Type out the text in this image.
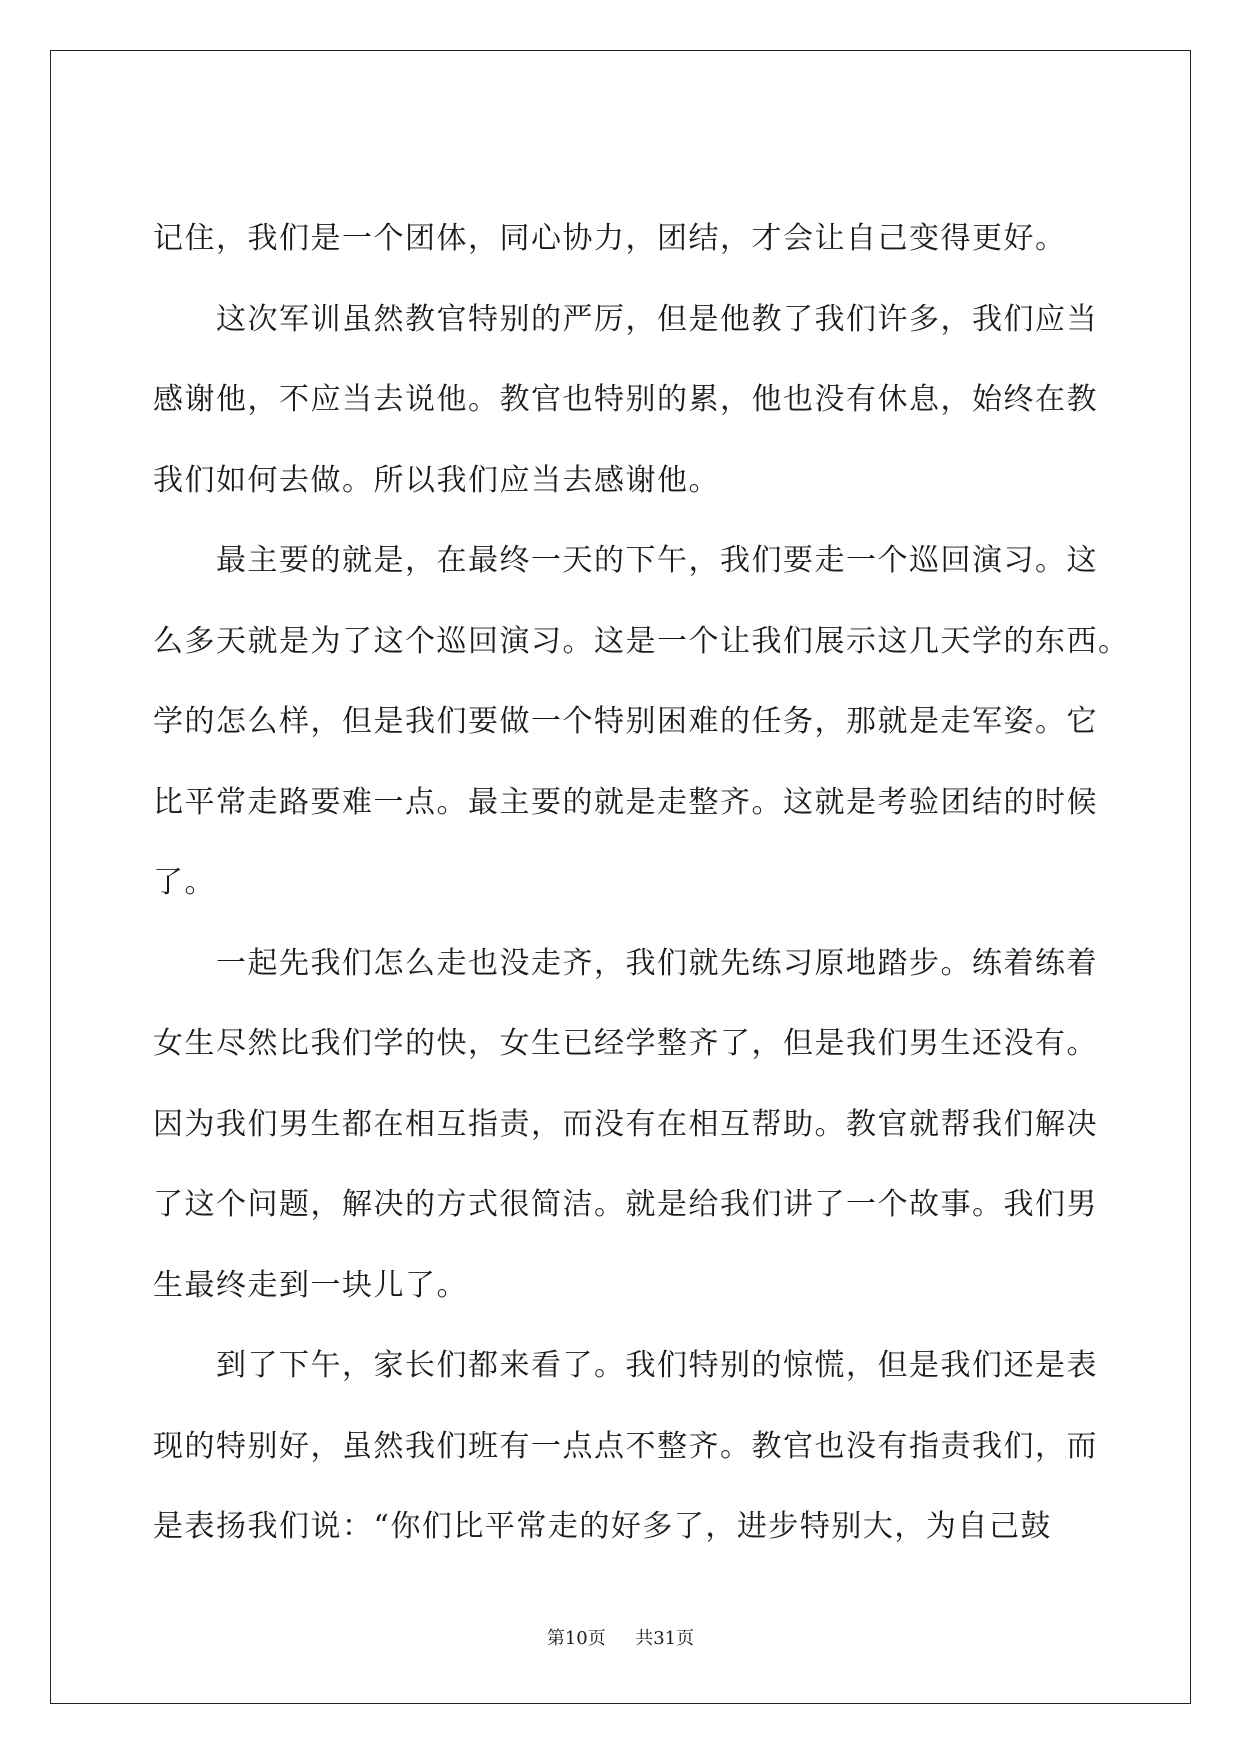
记住，我们是一个团体，同心协力，团结，才会让自己变得更好。
这次军训虽然教官特别的严厉，但是他教了我们许多，我们应当
感谢他，不应当去说他。教官也特别的累，他也没有休息，始终在教
我们如何去做。所以我们应当去感谢他。
最主要的就是，在最终一天的下午，我们要走一个巡回演习。这
么多天就是为了这个巡回演习。这是一个让我们展示这几天学的东西。
学的怎么样，但是我们要做一个特别困难的任务，那就是走军姿。它
比平常走路要难一点。最主要的就是走整齐。这就是考验团结的时候
了。
一起先我们怎么走也没走齐，我们就先练习原地踏步。练着练着
女生尽然比我们学的快，女生已经学整齐了，但是我们男生还没有。
因为我们男生都在相互指责，而没有在相互帮助。教官就帮我们解决
了这个问题，解决的方式很简洁。就是给我们讲了一个故事。我们男
生最终走到一块儿了。
到了下午，家长们都来看了。我们特别的惊慌，但是我们还是表
现的特别好，虽然我们班有一点点不整齐。教官也没有指责我们，而
是表扬我们说：“你们比平常走的好多了，进步特别大，为自己鼓
第10页 共31页
